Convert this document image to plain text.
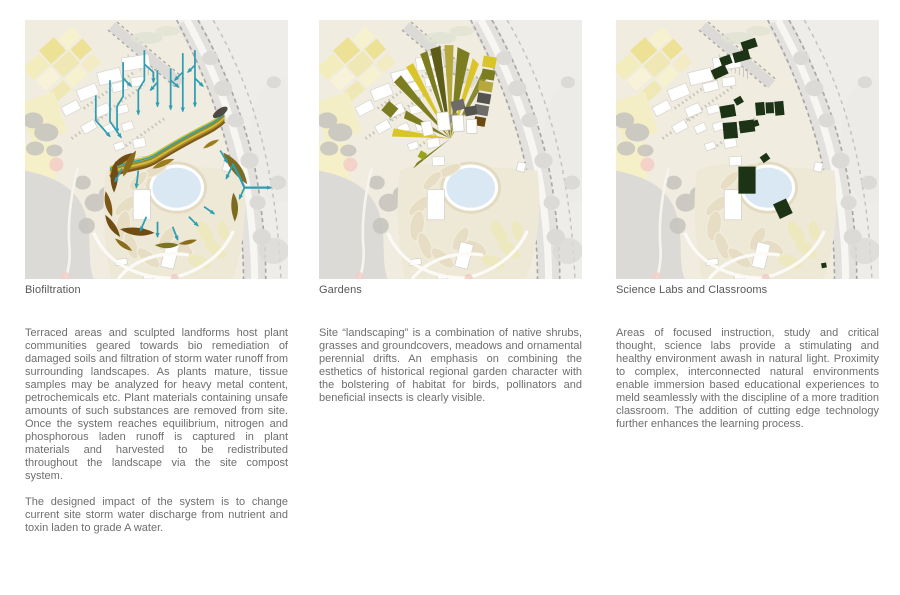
Biofiltration

Terraced areas and sculpted landforms host plant communities geared towards bio remediation of damaged soils and filtration of storm water runoff from surrounding landscapes. As plants mature, tissue samples may be analyzed for heavy metal content, petrochemicals etc. Plant materials containing unsafe amounts of such substances are removed from site. Once the system reaches equilibrium, nitrogen and phosphorous laden runoff is captured in plant materials and harvested to be redistributed throughout the landscape via the site compost system.

The designed impact of the system is to change current site storm water discharge from nutrient and toxin laden to grade A water.

Gardens

Site “landscaping” is a combination of native shrubs, grasses and groundcovers, meadows and ornamental perennial drifts. An emphasis on combining the esthetics of historical regional garden character with the bolstering of habitat for birds, pollinators and beneficial insects is clearly visible.

Science Labs and Classrooms

Areas of focused instruction, study and critical thought, science labs provide a stimulating and healthy environment awash in natural light. Proximity to complex, interconnected natural environments enable immersion based educational experiences to meld seamlessly with the discipline of a more tradition classroom. The addition of cutting edge technology further enhances the learning process.
